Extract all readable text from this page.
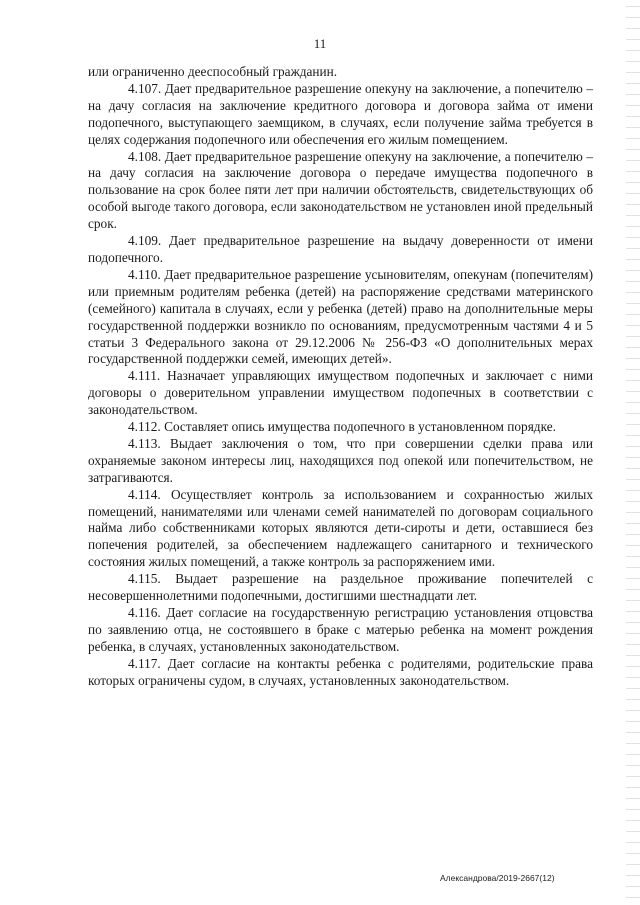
11

или ограниченно дееспособный гражданин.

4.107. Дает предварительное разрешение опекуну на заключение, а попечителю – на дачу согласия на заключение кредитного договора и договора займа от имени подопечного, выступающего заемщиком, в случаях, если получение займа требуется в целях содержания подопечного или обеспечения его жилым помещением.

4.108. Дает предварительное разрешение опекуну на заключение, а попечителю – на дачу согласия на заключение договора о передаче имущества подопечного в пользование на срок более пяти лет при наличии обстоятельств, свидетельствующих об особой выгоде такого договора, если законодательством не установлен иной предельный срок.

4.109. Дает предварительное разрешение на выдачу доверенности от имени подопечного.

4.110. Дает предварительное разрешение усыновителям, опекунам (попечителям) или приемным родителям ребенка (детей) на распоряжение средствами материнского (семейного) капитала в случаях, если у ребенка (детей) право на дополнительные меры государственной поддержки возникло по основаниям, предусмотренным частями 4 и 5 статьи 3 Федерального закона от 29.12.2006 № 256-ФЗ «О дополнительных мерах государственной поддержки семей, имеющих детей».

4.111. Назначает управляющих имуществом подопечных и заключает с ними договоры о доверительном управлении имуществом подопечных в соответствии с законодательством.

4.112. Составляет опись имущества подопечного в установленном порядке.

4.113. Выдает заключения о том, что при совершении сделки права или охраняемые законом интересы лиц, находящихся под опекой или попечительством, не затрагиваются.

4.114. Осуществляет контроль за использованием и сохранностью жилых помещений, нанимателями или членами семей нанимателей по договорам социального найма либо собственниками которых являются дети-сироты и дети, оставшиеся без попечения родителей, за обеспечением надлежащего санитарного и технического состояния жилых помещений, а также контроль за распоряжением ими.

4.115. Выдает разрешение на раздельное проживание попечителей с несовершеннолетними подопечными, достигшими шестнадцати лет.

4.116. Дает согласие на государственную регистрацию установления отцовства по заявлению отца, не состоявшего в браке с матерью ребенка на момент рождения ребенка, в случаях, установленных законодательством.

4.117. Дает согласие на контакты ребенка с родителями, родительские права которых ограничены судом, в случаях, установленных законодательством.

Александрова/2019-2667(12)
